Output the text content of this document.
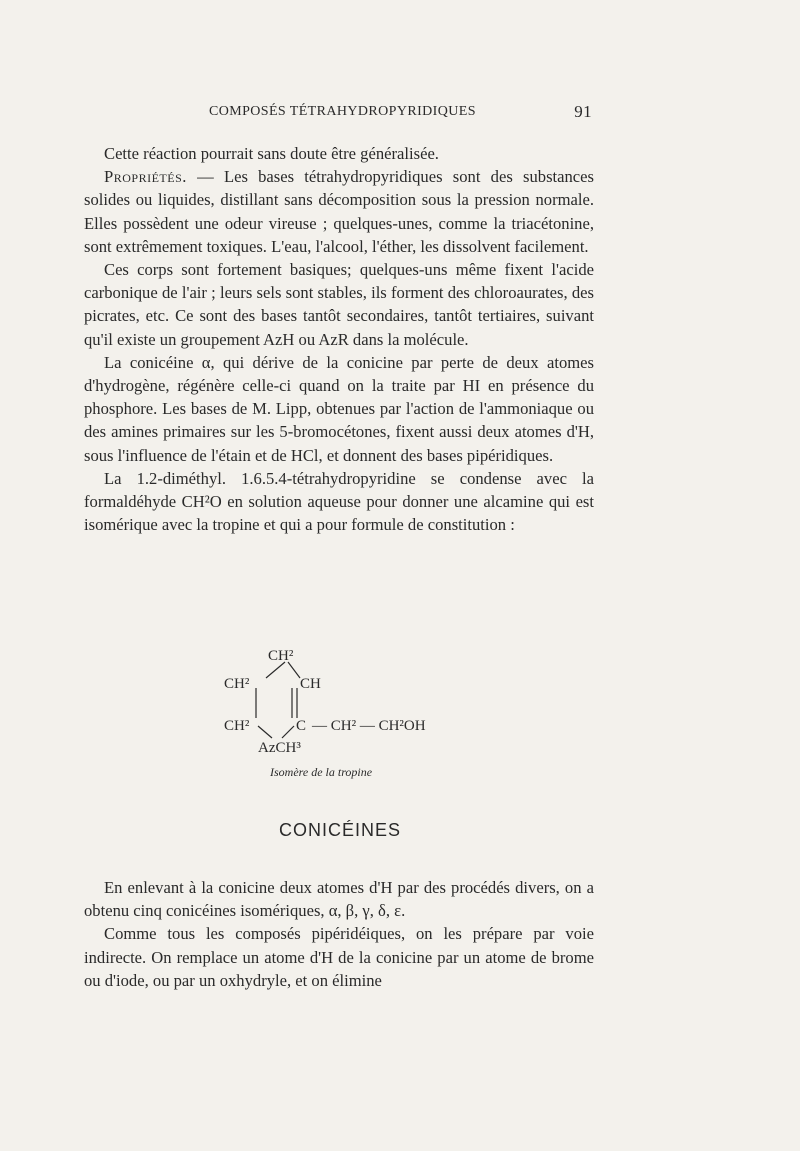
COMPOSÉS TÉTRAHYDROPYRIDIQUES	91

Cette réaction pourrait sans doute être généralisée.

Propriétés. — Les bases tétrahydropyridiques sont des substances solides ou liquides, distillant sans décomposition sous la pression normale. Elles possèdent une odeur vireuse ; quelques-unes, comme la triacétonine, sont extrêmement toxiques. L'eau, l'alcool, l'éther, les dissolvent facilement.

Ces corps sont fortement basiques; quelques-uns même fixent l'acide carbonique de l'air ; leurs sels sont stables, ils forment des chloroaurates, des picrates, etc. Ce sont des bases tantôt secondaires, tantôt tertiaires, suivant qu'il existe un groupement AzH ou AzR dans la molécule.

La conicéine α, qui dérive de la conicine par perte de deux atomes d'hydrogène, régénère celle-ci quand on la traite par HI en présence du phosphore. Les bases de M. Lipp, obtenues par l'action de l'ammoniaque ou des amines primaires sur les 5-bromocétones, fixent aussi deux atomes d'H, sous l'influence de l'étain et de HCl, et donnent des bases pipéridiques.

La 1.2-diméthyl. 1.6.5.4-tétrahydropyridine se condense avec la formaldéhyde CH²O en solution aqueuse pour donner une alcamine qui est isomérique avec la tropine et qui a pour formule de constitution :

CH²
CH²	CH
CH²	C — CH² — CH²OH
AzCH³
Isomère de la tropine
CONICÉINES

En enlevant à la conicine deux atomes d'H par des procédés divers, on a obtenu cinq conicéines isomériques, α, β, γ, δ, ε.

Comme tous les composés pipéridéiques, on les prépare par voie indirecte. On remplace un atome d'H de la conicine par un atome de brome ou d'iode, ou par un oxhydryle, et on élimine
